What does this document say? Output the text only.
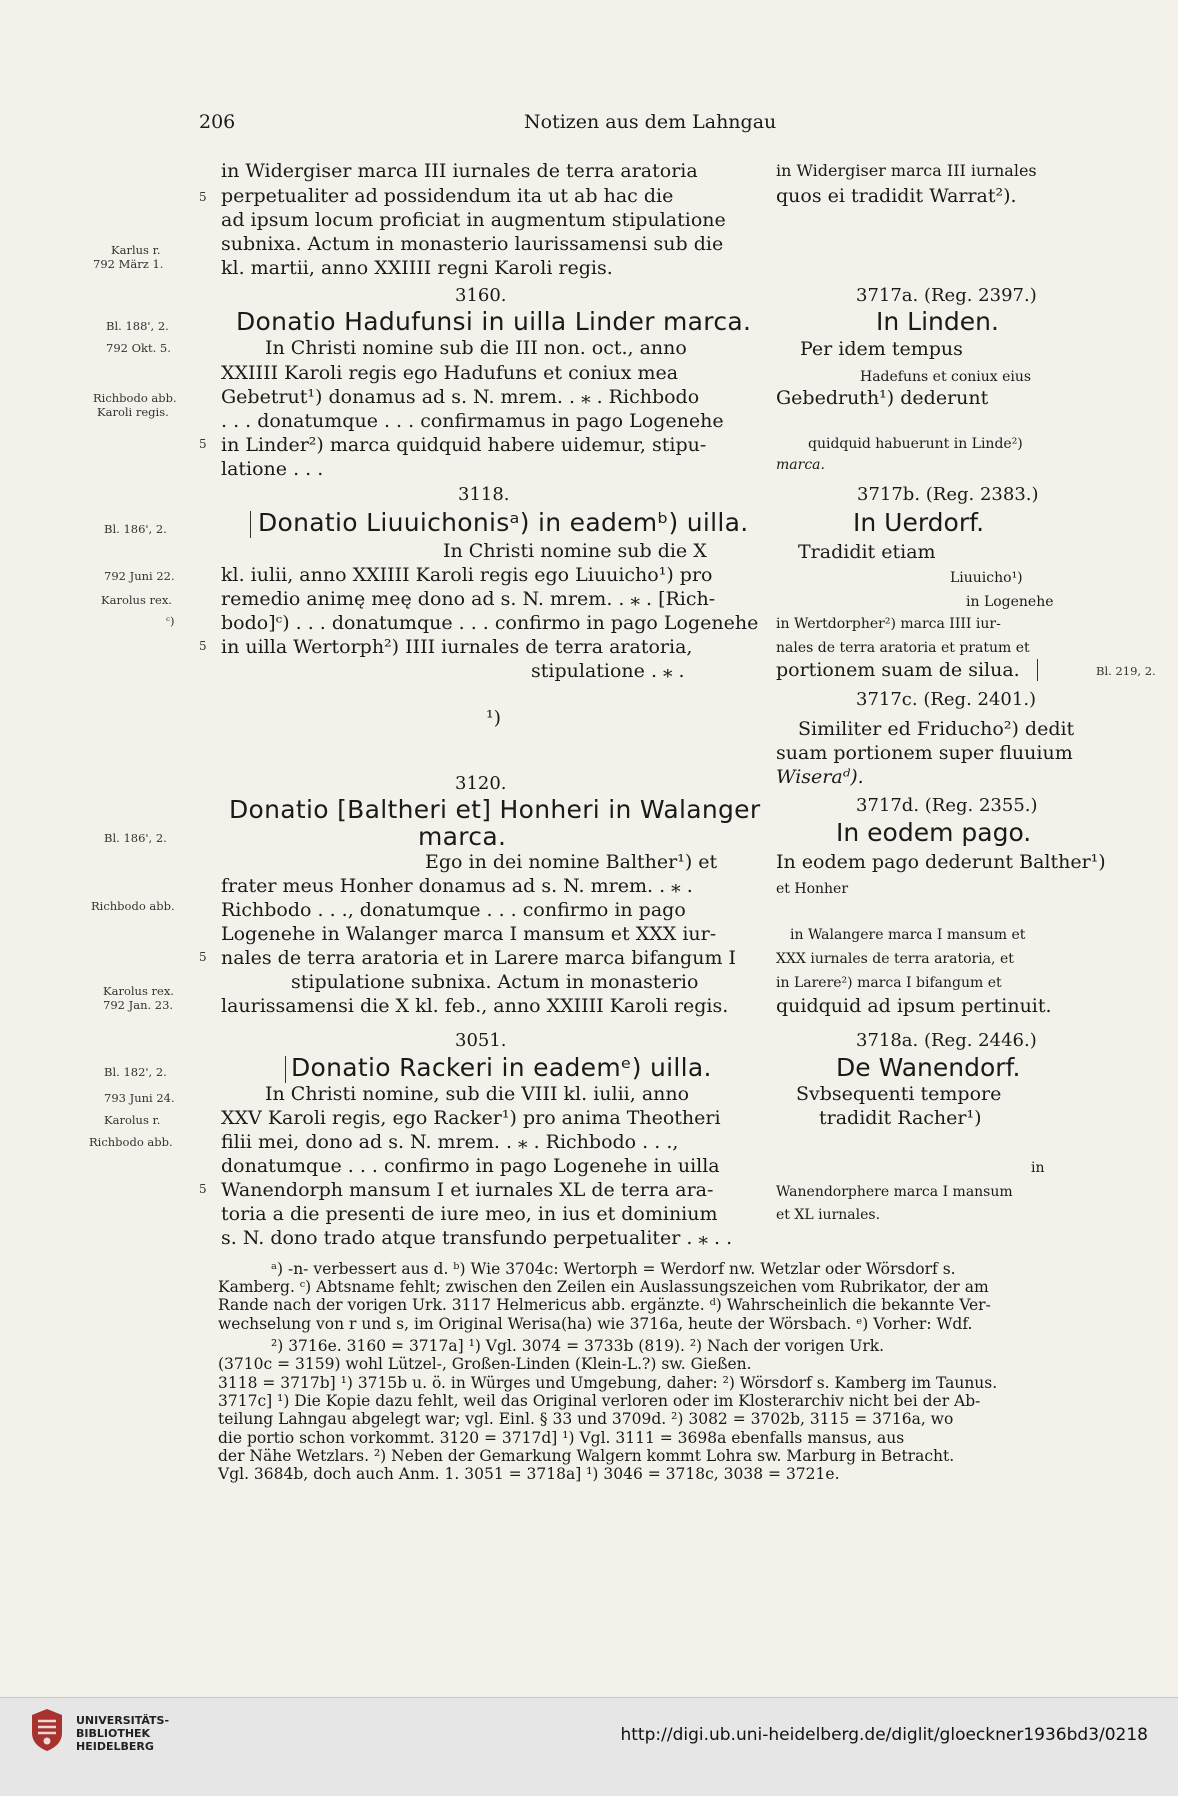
206	Notizen aus dem Lahngau
Karlus r.
792 März 1.
5
in Widergiser marca III iurnales de terra aratoria
perpetualiter ad possidendum ita ut ab hac die
ad ipsum locum proficiat in augmentum stipulatione
subnixa. Actum in monasterio laurissamensi sub die
kl. martii, anno XXIIII regni Karoli regis.
in Widergiser marca III iurnales
quos ei tradidit Warrat²).
3160.
Donatio Hadufunsi in uilla Linder marca.
Bl. 188', 2.
792 Okt. 5.
Richbodo abb.
Karoli regis.
In Christi nomine sub die III non. oct., anno
XXIIII Karoli regis ego Hadufuns et coniux mea
Gebetrut¹) donamus ad s. N. mrem. . ⁎ . Richbodo
. . . donatumque . . . confirmamus in pago Logenehe
5 in Linder²) marca quidquid habere uidemur, stipu-
latione . . .
3717a. (Reg. 2397.)
In Linden.
Per idem tempus
Hadefuns et coniux eius
Gebedruth¹) dederunt
quidquid habuerunt in Linde²)
marca.
3118.
Donatio Liuuichonisᵃ) in eademᵇ) uilla.
Bl. 186', 2.
792 Juni 22.
Karolus rex.
ᶜ)
In Christi nomine sub die X
kl. iulii, anno XXIIII Karoli regis ego Liuuicho¹) pro
remedio animę meę dono ad s. N. mrem. . ⁎ . [Rich-
bodo]ᶜ) . . . donatumque . . . confirmo in pago Logenehe
5 in uilla Wertorph²) IIII iurnales de terra aratoria,
stipulatione . ⁎ .
3717b. (Reg. 2383.)
In Uerdorf.
Tradidit etiam
Liuuicho¹)
in Logenehe
in Wertdorpher²) marca IIII iur-
nales de terra aratoria et pratum et
portionem suam de silua.	Bl. 219, 2.
¹)
3717c. (Reg. 2401.)
Similiter ed Friducho²) dedit
suam portionem super fluuium
Wiseraᵈ).
3120.
Donatio [Baltheri et] Honheri in Walanger
marca.
Bl. 186', 2.
Richbodo abb.
Karolus rex.
792 Jan. 23.
Ego in dei nomine Balther¹) et
frater meus Honher donamus ad s. N. mrem. . ⁎ .
Richbodo . . ., donatumque . . . confirmo in pago
Logenehe in Walanger marca I mansum et XXX iur-
5 nales de terra aratoria et in Larere marca bifangum I
stipulatione subnixa. Actum in monasterio
laurissamensi die X kl. feb., anno XXIIII Karoli regis.
3717d. (Reg. 2355.)
In eodem pago.
In eodem pago dederunt Balther¹)
et Honher
in Walangere marca I mansum et
XXX iurnales de terra aratoria, et
in Larere²) marca I bifangum et
quidquid ad ipsum pertinuit.
3051.
Donatio Rackeri in eademᵉ) uilla.
Bl. 182', 2.
793 Juni 24.
Karolus r.
Richbodo abb.
In Christi nomine, sub die VIII kl. iulii, anno
XXV Karoli regis, ego Racker¹) pro anima Theotheri
filii mei, dono ad s. N. mrem. . ⁎ . Richbodo . . .,
donatumque . . . confirmo in pago Logenehe in uilla
5 Wanendorph mansum I et iurnales XL de terra ara-
toria a die presenti de iure meo, in ius et dominium
s. N. dono trado atque transfundo perpetualiter . ⁎ . .
3718a. (Reg. 2446.)
De Wanendorf.
Svbsequenti tempore
tradidit Racher¹)
in
Wanendorphere marca I mansum
et XL iurnales.
ᵃ) -n- verbessert aus d. ᵇ) Wie 3704c: Wertorph = Werdorf nw. Wetzlar oder Wörsdorf s.
Kamberg. ᶜ) Abtsname fehlt; zwischen den Zeilen ein Auslassungszeichen vom Rubrikator, der am
Rande nach der vorigen Urk. 3117 Helmericus abb. ergänzte. ᵈ) Wahrscheinlich die bekannte Ver-
wechselung von r und s, im Original Werisa(ha) wie 3716a, heute der Wörsbach. ᵉ) Vorher: Wdf.
²) 3716e. 3160 = 3717a] ¹) Vgl. 3074 = 3733b (819). ²) Nach der vorigen Urk.
(3710c = 3159) wohl Lützel-, Großen-Linden (Klein-L.?) sw. Gießen.
3118 = 3717b] ¹) 3715b u. ö. in Würges und Umgebung, daher: ²) Wörsdorf s. Kamberg im Taunus.
3717c] ¹) Die Kopie dazu fehlt, weil das Original verloren oder im Klosterarchiv nicht bei der Ab-
teilung Lahngau abgelegt war; vgl. Einl. § 33 und 3709d. ²) 3082 = 3702b, 3115 = 3716a, wo
die portio schon vorkommt. 3120 = 3717d] ¹) Vgl. 3111 = 3698a ebenfalls mansus, aus
der Nähe Wetzlars. ²) Neben der Gemarkung Walgern kommt Lohra sw. Marburg in Betracht.
Vgl. 3684b, doch auch Anm. 1. 3051 = 3718a] ¹) 3046 = 3718c, 3038 = 3721e.
UNIVERSITÄTS-
BIBLIOTHEK
HEIDELBERG
http://digi.ub.uni-heidelberg.de/diglit/gloeckner1936bd3/0218
